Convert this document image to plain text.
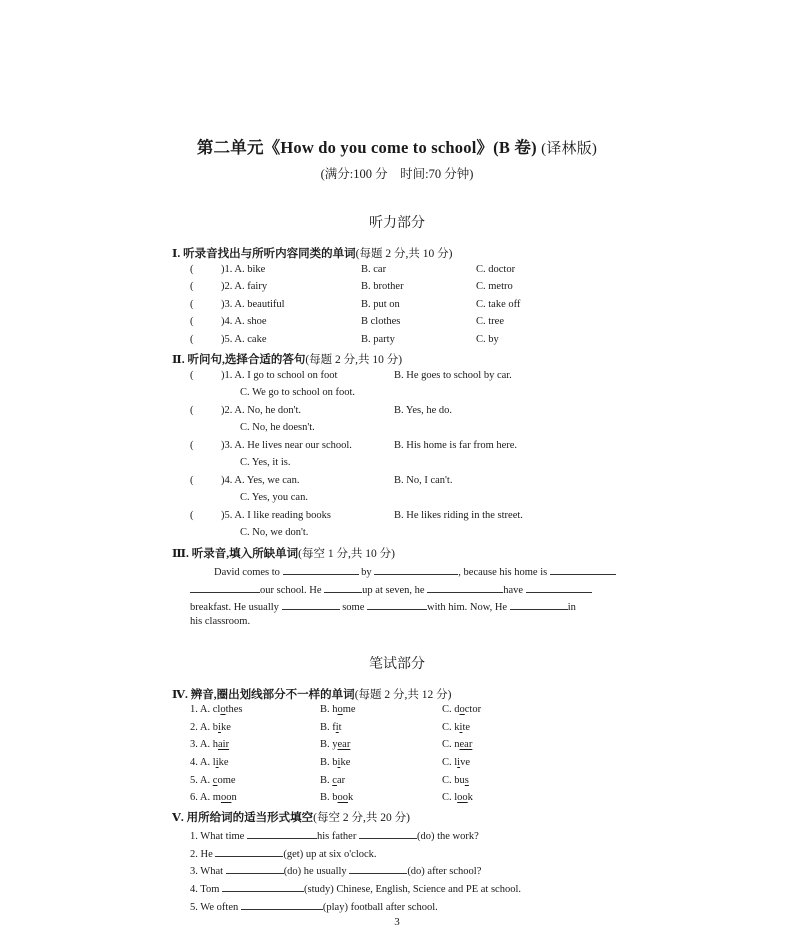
第二单元《How do you come to school》(B 卷) (译林版)
(满分:100 分　时间:70 分钟)
听力部分
Ⅰ. 听录音找出与所听内容同类的单词(每题 2 分,共 10 分)
(	)1. A. bike	B. car	C. doctor
(	)2. A. fairy	B. brother	C. metro
(	)3. A. beautiful	B. put on	C. take off
(	)4. A. shoe	B clothes	C. tree
(	)5. A. cake	B. party	C. by
Ⅱ. 听问句,选择合适的答句(每题 2 分,共 10 分)
(	)1. A. I go to school on foot	B. He goes to school by car.
C. We go to school on foot.
(	)2. A. No, he don't.	B. Yes, he do.
C. No, he doesn't.
(	)3. A. He lives near our school.	B. His home is far from here.
C. Yes, it is.
(	)4. A. Yes, we can.	B. No, I can't.
C. Yes, you can.
(	)5. A. I like reading books	B. He likes riding in the street.
C. No, we don't.
Ⅲ. 听录音,填入所缺单词(每空 1 分,共 10 分)
David comes to	by	, because his home is
our school. He	up at seven, he	have
breakfast. He usually	some	with him. Now, He	in
his classroom.
笔试部分
Ⅳ. 辨音,圈出划线部分不一样的单词(每题 2 分,共 12 分)
1. A. clothes	B. home	C. doctor
2. A. bike	B. fit	C. kite
3. A. hair	B. year	C. near
4. A. like	B. bike	C. live
5. A. come	B. car	C. bus
6. A. moon	B. book	C. look
Ⅴ. 用所给词的适当形式填空(每空 2 分,共 20 分)
1. What time	his father	(do) the work?
2. He	(get) up at six o'clock.
3. What	(do) he usually	(do) after school?
4. Tom	(study) Chinese, English, Science and PE at school.
5. We often	(play) football after school.
3
